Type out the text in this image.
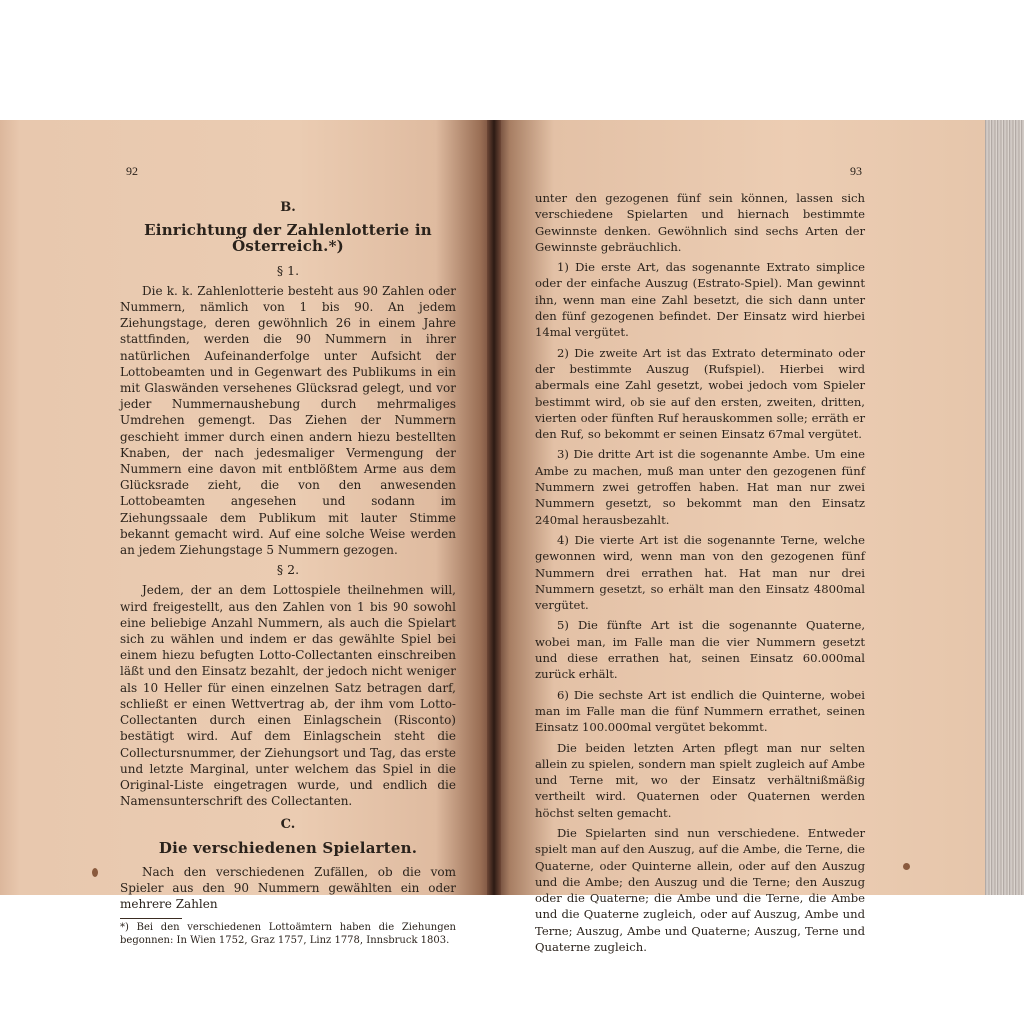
92
B.
Einrichtung der Zahlenlotterie in Österreich.*)
§ 1.

Die k. k. Zahlenlotterie besteht aus 90 Zahlen oder Nummern, nämlich von 1 bis 90. An jedem Ziehungstage, deren gewöhnlich 26 in einem Jahre stattfinden, werden die 90 Nummern in ihrer natürlichen Aufeinanderfolge unter Aufsicht der Lottobeamten und in Gegenwart des Publikums in ein mit Glaswänden versehenes Glücksrad gelegt, und vor jeder Nummernaushebung durch mehrmaliges Umdrehen gemengt. Das Ziehen der Nummern geschieht immer durch einen andern hiezu bestellten Knaben, der nach jedesmaliger Vermengung der Nummern eine davon mit entblößtem Arme aus dem Glücksrade zieht, die von den anwesenden Lottobeamten angesehen und sodann im Ziehungssaale dem Publikum mit lauter Stimme bekannt gemacht wird. Auf eine solche Weise werden an jedem Ziehungstage 5 Nummern gezogen.

§ 2.

Jedem, der an dem Lottospiele theilnehmen will, wird freigestellt, aus den Zahlen von 1 bis 90 sowohl eine beliebige Anzahl Nummern, als auch die Spielart sich zu wählen und indem er das gewählte Spiel bei einem hiezu befugten Lotto-Collectanten einschreiben läßt und den Einsatz bezahlt, der jedoch nicht weniger als 10 Heller für einen einzelnen Satz betragen darf, schließt er einen Wettvertrag ab, der ihm vom Lotto-Collectanten durch einen Einlagschein (Risconto) bestätigt wird. Auf dem Einlagschein steht die Collectursnummer, der Ziehungsort und Tag, das erste und letzte Marginal, unter welchem das Spiel in die Original-Liste eingetragen wurde, und endlich die Namensunterschrift des Collectanten.

C.
Die verschiedenen Spielarten.

Nach den verschiedenen Zufällen, ob die vom Spieler aus den 90 Nummern gewählten ein oder mehrere Zahlen

*) Bei den verschiedenen Lottoämtern haben die Ziehungen begonnen: In Wien 1752, Graz 1757, Linz 1778, Innsbruck 1803.
93

unter den gezogenen fünf sein können, lassen sich verschiedene Spielarten und hiernach bestimmte Gewinnste denken. Gewöhnlich sind sechs Arten der Gewinnste gebräuchlich.

1) Die erste Art, das sogenannte Extrato simplice oder der einfache Auszug (Estrato-Spiel). Man gewinnt ihn, wenn man eine Zahl besetzt, die sich dann unter den fünf gezogenen befindet. Der Einsatz wird hierbei 14mal vergütet.

2) Die zweite Art ist das Extrato determinato oder der bestimmte Auszug (Rufspiel). Hierbei wird abermals eine Zahl gesetzt, wobei jedoch vom Spieler bestimmt wird, ob sie auf den ersten, zweiten, dritten, vierten oder fünften Ruf herauskommen solle; erräth er den Ruf, so bekommt er seinen Einsatz 67mal vergütet.

3) Die dritte Art ist die sogenannte Ambe. Um eine Ambe zu machen, muß man unter den gezogenen fünf Nummern zwei getroffen haben. Hat man nur zwei Nummern gesetzt, so bekommt man den Einsatz 240mal herausbezahlt.

4) Die vierte Art ist die sogenannte Terne, welche gewonnen wird, wenn man von den gezogenen fünf Nummern drei errathen hat. Hat man nur drei Nummern gesetzt, so erhält man den Einsatz 4800mal vergütet.

5) Die fünfte Art ist die sogenannte Quaterne, wobei man, im Falle man die vier Nummern gesetzt und diese errathen hat, seinen Einsatz 60.000mal zurück erhält.

6) Die sechste Art ist endlich die Quinterne, wobei man im Falle man die fünf Nummern errathet, seinen Einsatz 100.000mal vergütet bekommt.

Die beiden letzten Arten pflegt man nur selten allein zu spielen, sondern man spielt zugleich auf Ambe und Terne mit, wo der Einsatz verhältnißmäßig vertheilt wird. Quaternen oder Quaternen werden höchst selten gemacht.

Die Spielarten sind nun verschiedene. Entweder spielt man auf den Auszug, auf die Ambe, die Terne, die Quaterne, oder Quinterne allein, oder auf den Auszug und die Ambe; den Auszug und die Terne; den Auszug oder die Quaterne; die Ambe und die Terne, die Ambe und die Quaterne zugleich, oder auf Auszug, Ambe und Terne; Auszug, Ambe und Quaterne; Auszug, Terne und Quaterne zugleich.
